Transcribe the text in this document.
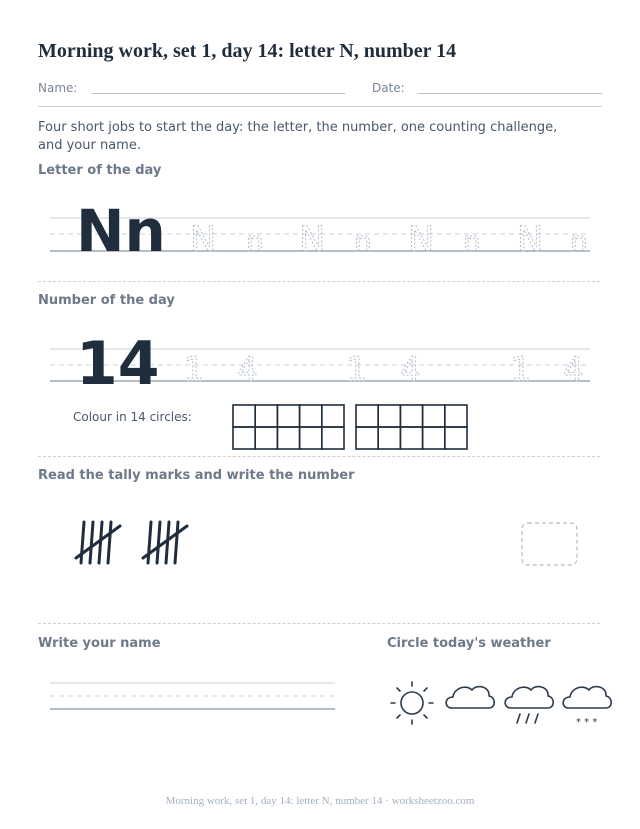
Morning work, set 1, day 14: letter N, number 14
Name:	Date:
Four short jobs to start the day: the letter, the number, one counting challenge, and your name.
Letter of the day
Nn N n N n N n N n
Number of the day
14 1 4	1 4	1 4
Colour in 14 circles:
Read the tally marks and write the number
Write your name	Circle today's weather
* * *
Morning work, set 1, day 14: letter N, number 14 · worksheetzoo.com
